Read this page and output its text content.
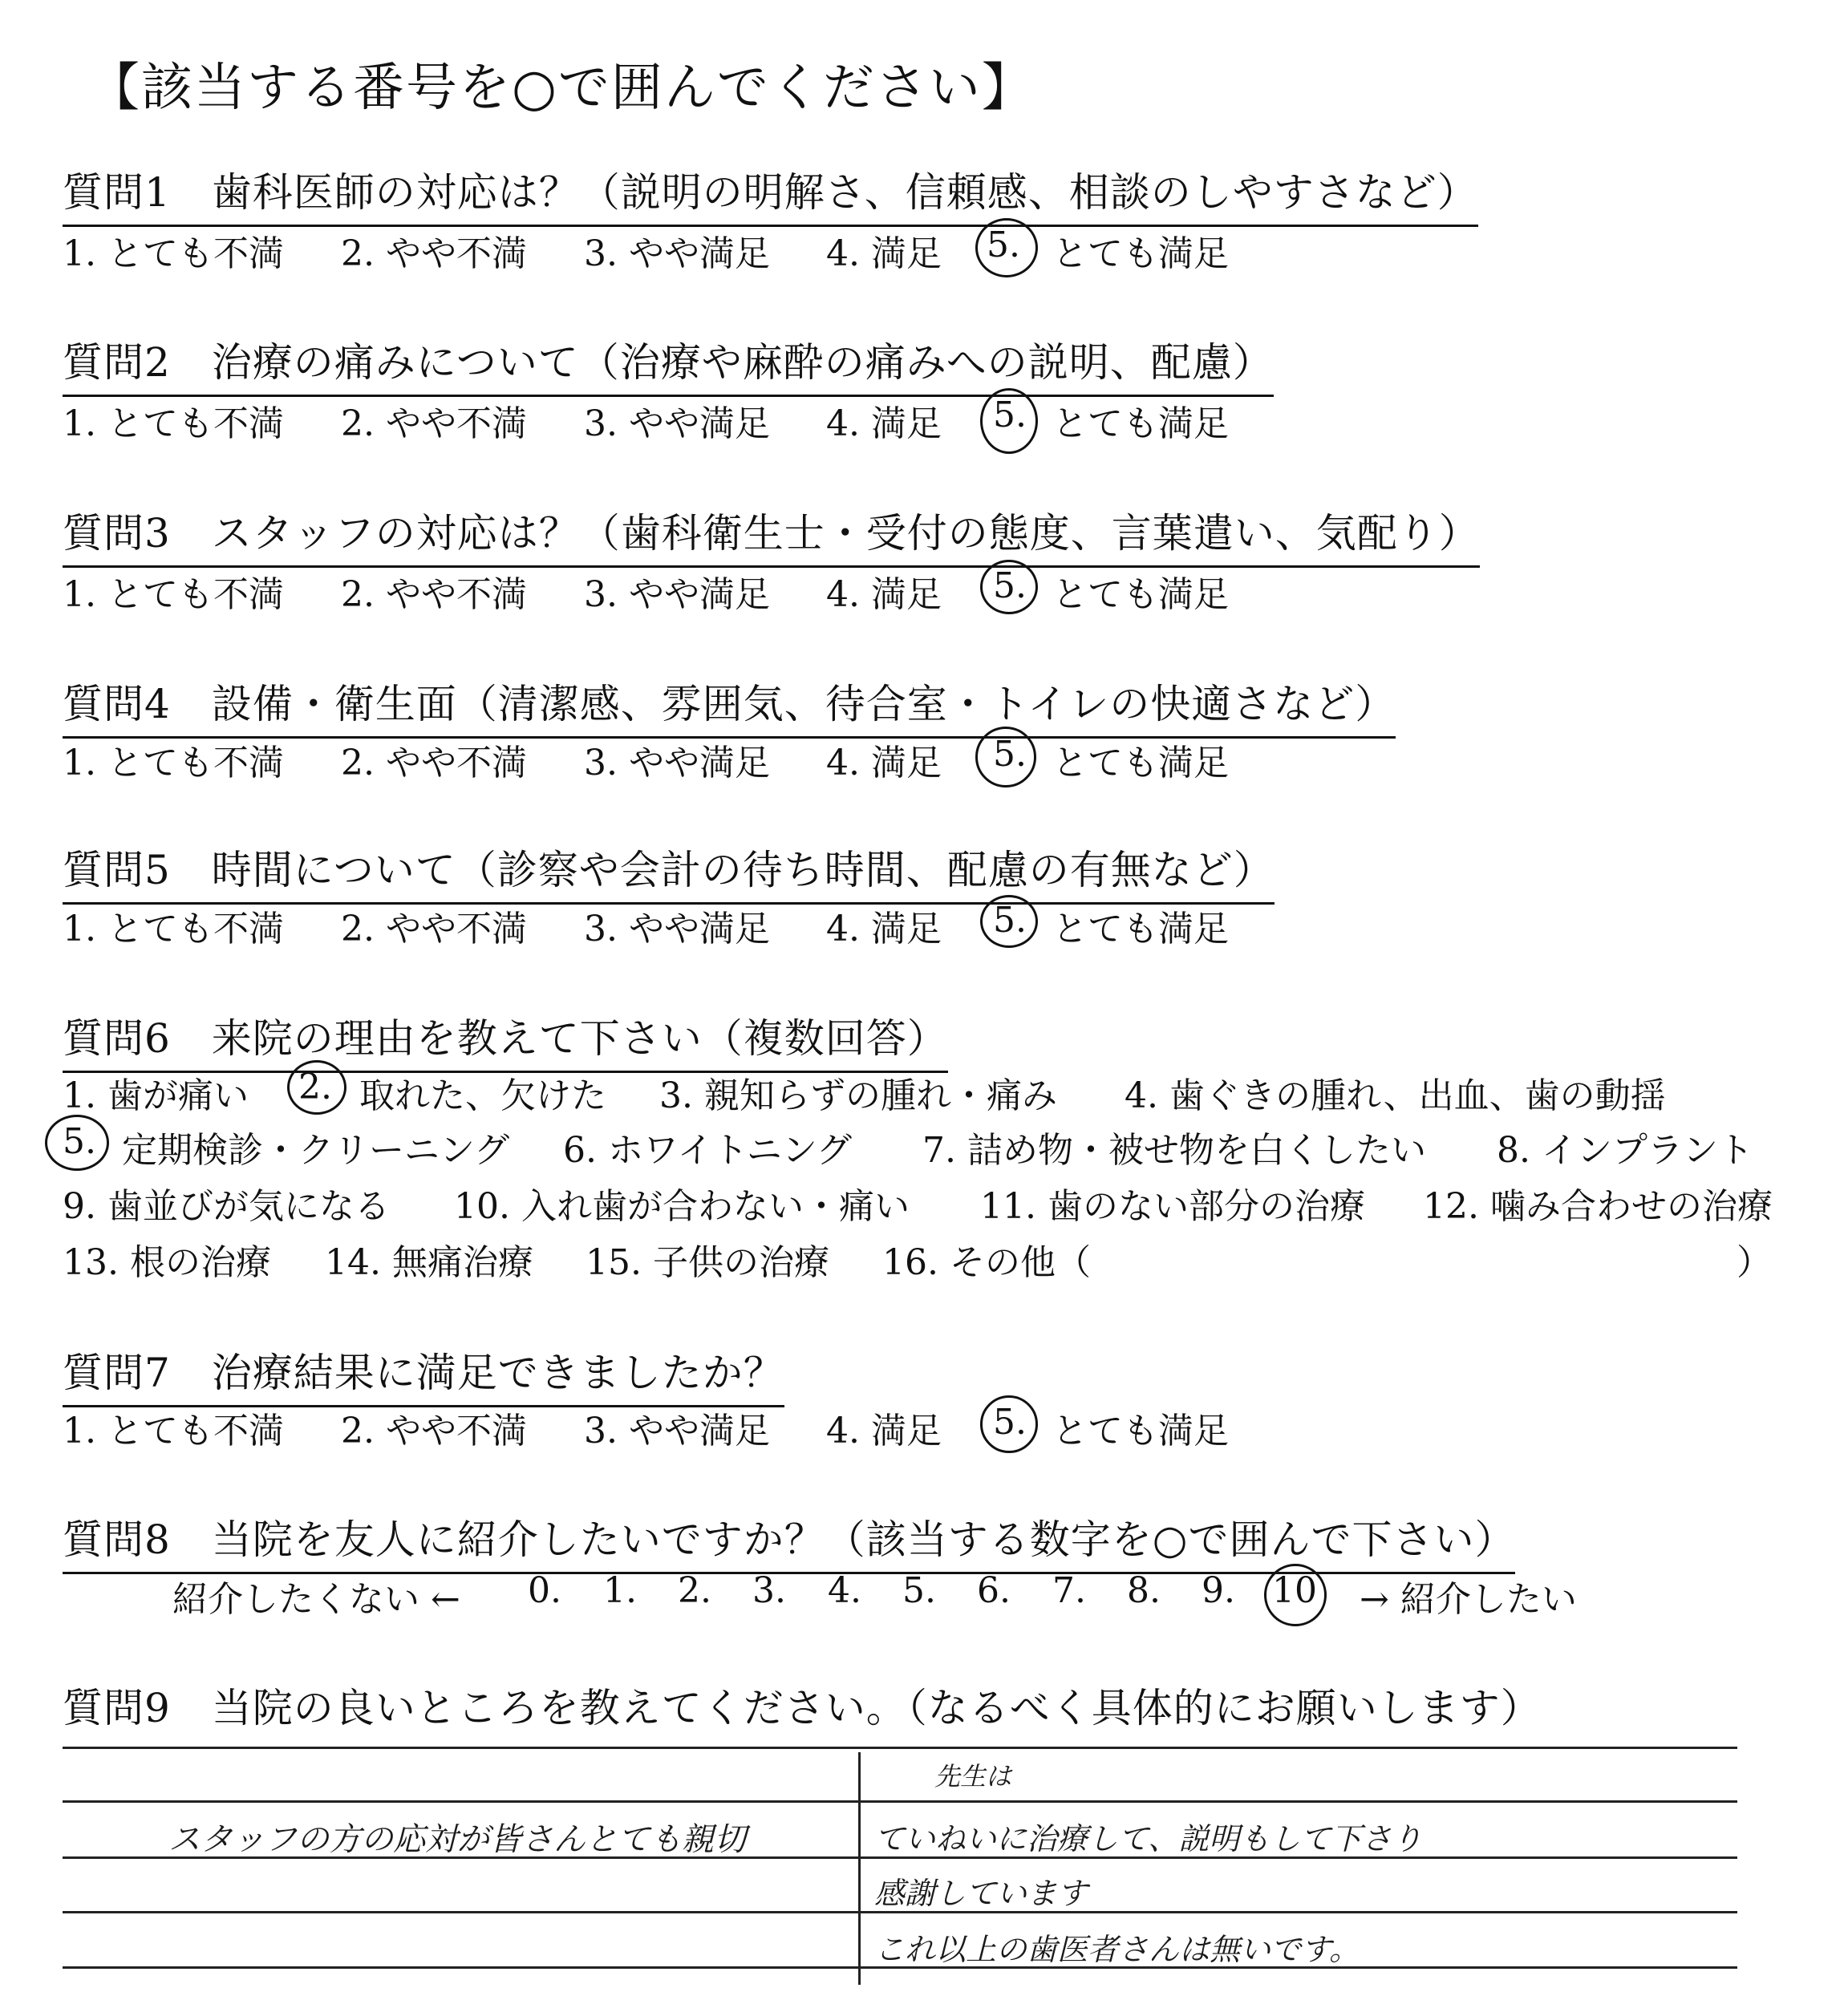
【該当する番号を○で囲んでください】
質問1　歯科医師の対応は？（説明の明解さ、信頼感、相談のしやすさなど）
1. とても不満 2. やや不満 3. やや満足 4. 満足 5. とても満足
質問2　治療の痛みについて（治療や麻酔の痛みへの説明、配慮）
1. とても不満 2. やや不満 3. やや満足 4. 満足 5. とても満足
質問3　スタッフの対応は？（歯科衛生士・受付の態度、言葉遣い、気配り）
1. とても不満 2. やや不満 3. やや満足 4. 満足 5. とても満足
質問4　設備・衛生面（清潔感、雰囲気、待合室・トイレの快適さなど）
1. とても不満 2. やや不満 3. やや満足 4. 満足 5. とても満足
質問5　時間について（診察や会計の待ち時間、配慮の有無など）
1. とても不満 2. やや不満 3. やや満足 4. 満足 5. とても満足
質問6　来院の理由を教えて下さい（複数回答）
1. 歯が痛い 2. 取れた、欠けた 3. 親知らずの腫れ・痛み 4. 歯ぐきの腫れ、出血、歯の動揺
5. 定期検診・クリーニング 6. ホワイトニング 7. 詰め物・被せ物を白くしたい 8. インプラント
9. 歯並びが気になる 10. 入れ歯が合わない・痛い 11. 歯のない部分の治療 12. 噛み合わせの治療
13. 根の治療 14. 無痛治療 15. 子供の治療 16. その他（	）
質問7　治療結果に満足できましたか？
1. とても不満 2. やや不満 3. やや満足 4. 満足 5. とても満足
質問8　当院を友人に紹介したいですか？（該当する数字を○で囲んで下さい）
紹介したくない ← 0. 1. 2. 3. 4. 5. 6. 7. 8. 9. 10 → 紹介したい
質問9　当院の良いところを教えてください。（なるべく具体的にお願いします）
スタッフの方の応対が皆さんとても親切
先生は
ていねいに治療して、説明もして下さり
感謝しています
これ以上の歯医者さんは無いです。
